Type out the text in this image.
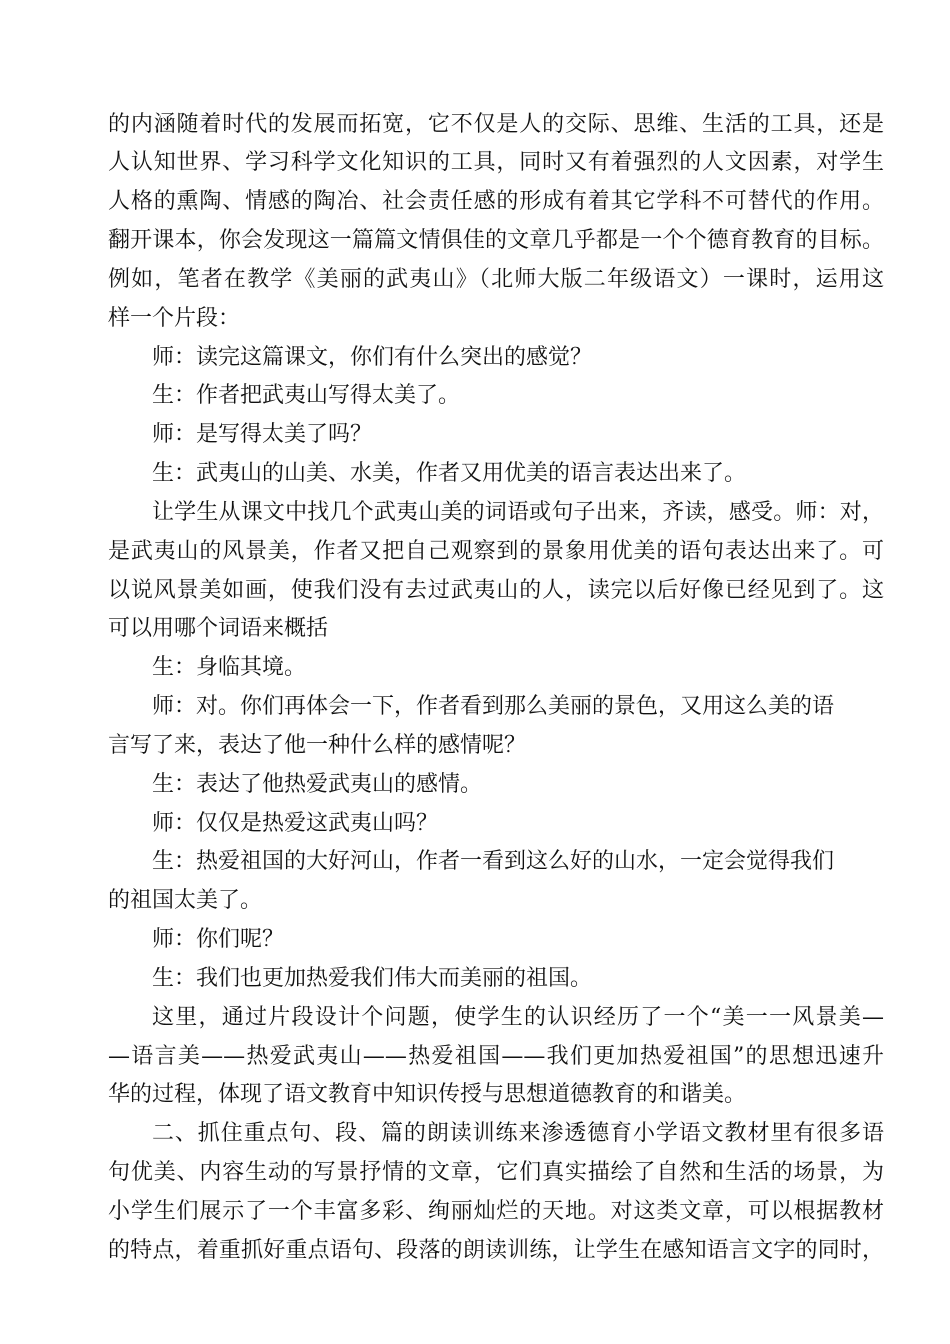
的内涵随着时代的发展而拓宽，它不仅是人的交际、思维、生活的工具，还是
人认知世界、学习科学文化知识的工具，同时又有着强烈的人文因素，对学生
人格的熏陶、情感的陶冶、社会责任感的形成有着其它学科不可替代的作用。
翻开课本，你会发现这一篇篇文情俱佳的文章几乎都是一个个德育教育的目标。
例如，笔者在教学《美丽的武夷山》（北师大版二年级语文）一课时，运用这
样一个片段：
师：读完这篇课文，你们有什么突出的感觉？
生：作者把武夷山写得太美了。
师：是写得太美了吗？
生：武夷山的山美、水美，作者又用优美的语言表达出来了。
让学生从课文中找几个武夷山美的词语或句子出来，齐读，感受。师：对，
是武夷山的风景美，作者又把自己观察到的景象用优美的语句表达出来了。可
以说风景美如画，使我们没有去过武夷山的人，读完以后好像已经见到了。这
可以用哪个词语来概括
生：身临其境。
师：对。你们再体会一下，作者看到那么美丽的景色，又用这么美的语
言写了来，表达了他一种什么样的感情呢？
生：表达了他热爱武夷山的感情。
师：仅仅是热爱这武夷山吗？
生：热爱祖国的大好河山，作者一看到这么好的山水，一定会觉得我们
的祖国太美了。
师：你们呢？
生：我们也更加热爱我们伟大而美丽的祖国。
这里，通过片段设计个问题，使学生的认识经历了一个“美一一风景美—
—语言美——热爱武夷山——热爱祖国——我们更加热爱祖国”的思想迅速升
华的过程，体现了语文教育中知识传授与思想道德教育的和谐美。
二、抓住重点句、段、篇的朗读训练来渗透德育小学语文教材里有很多语
句优美、内容生动的写景抒情的文章，它们真实描绘了自然和生活的场景，为
小学生们展示了一个丰富多彩、绚丽灿烂的天地。对这类文章，可以根据教材
的特点，着重抓好重点语句、段落的朗读训练，让学生在感知语言文字的同时，
